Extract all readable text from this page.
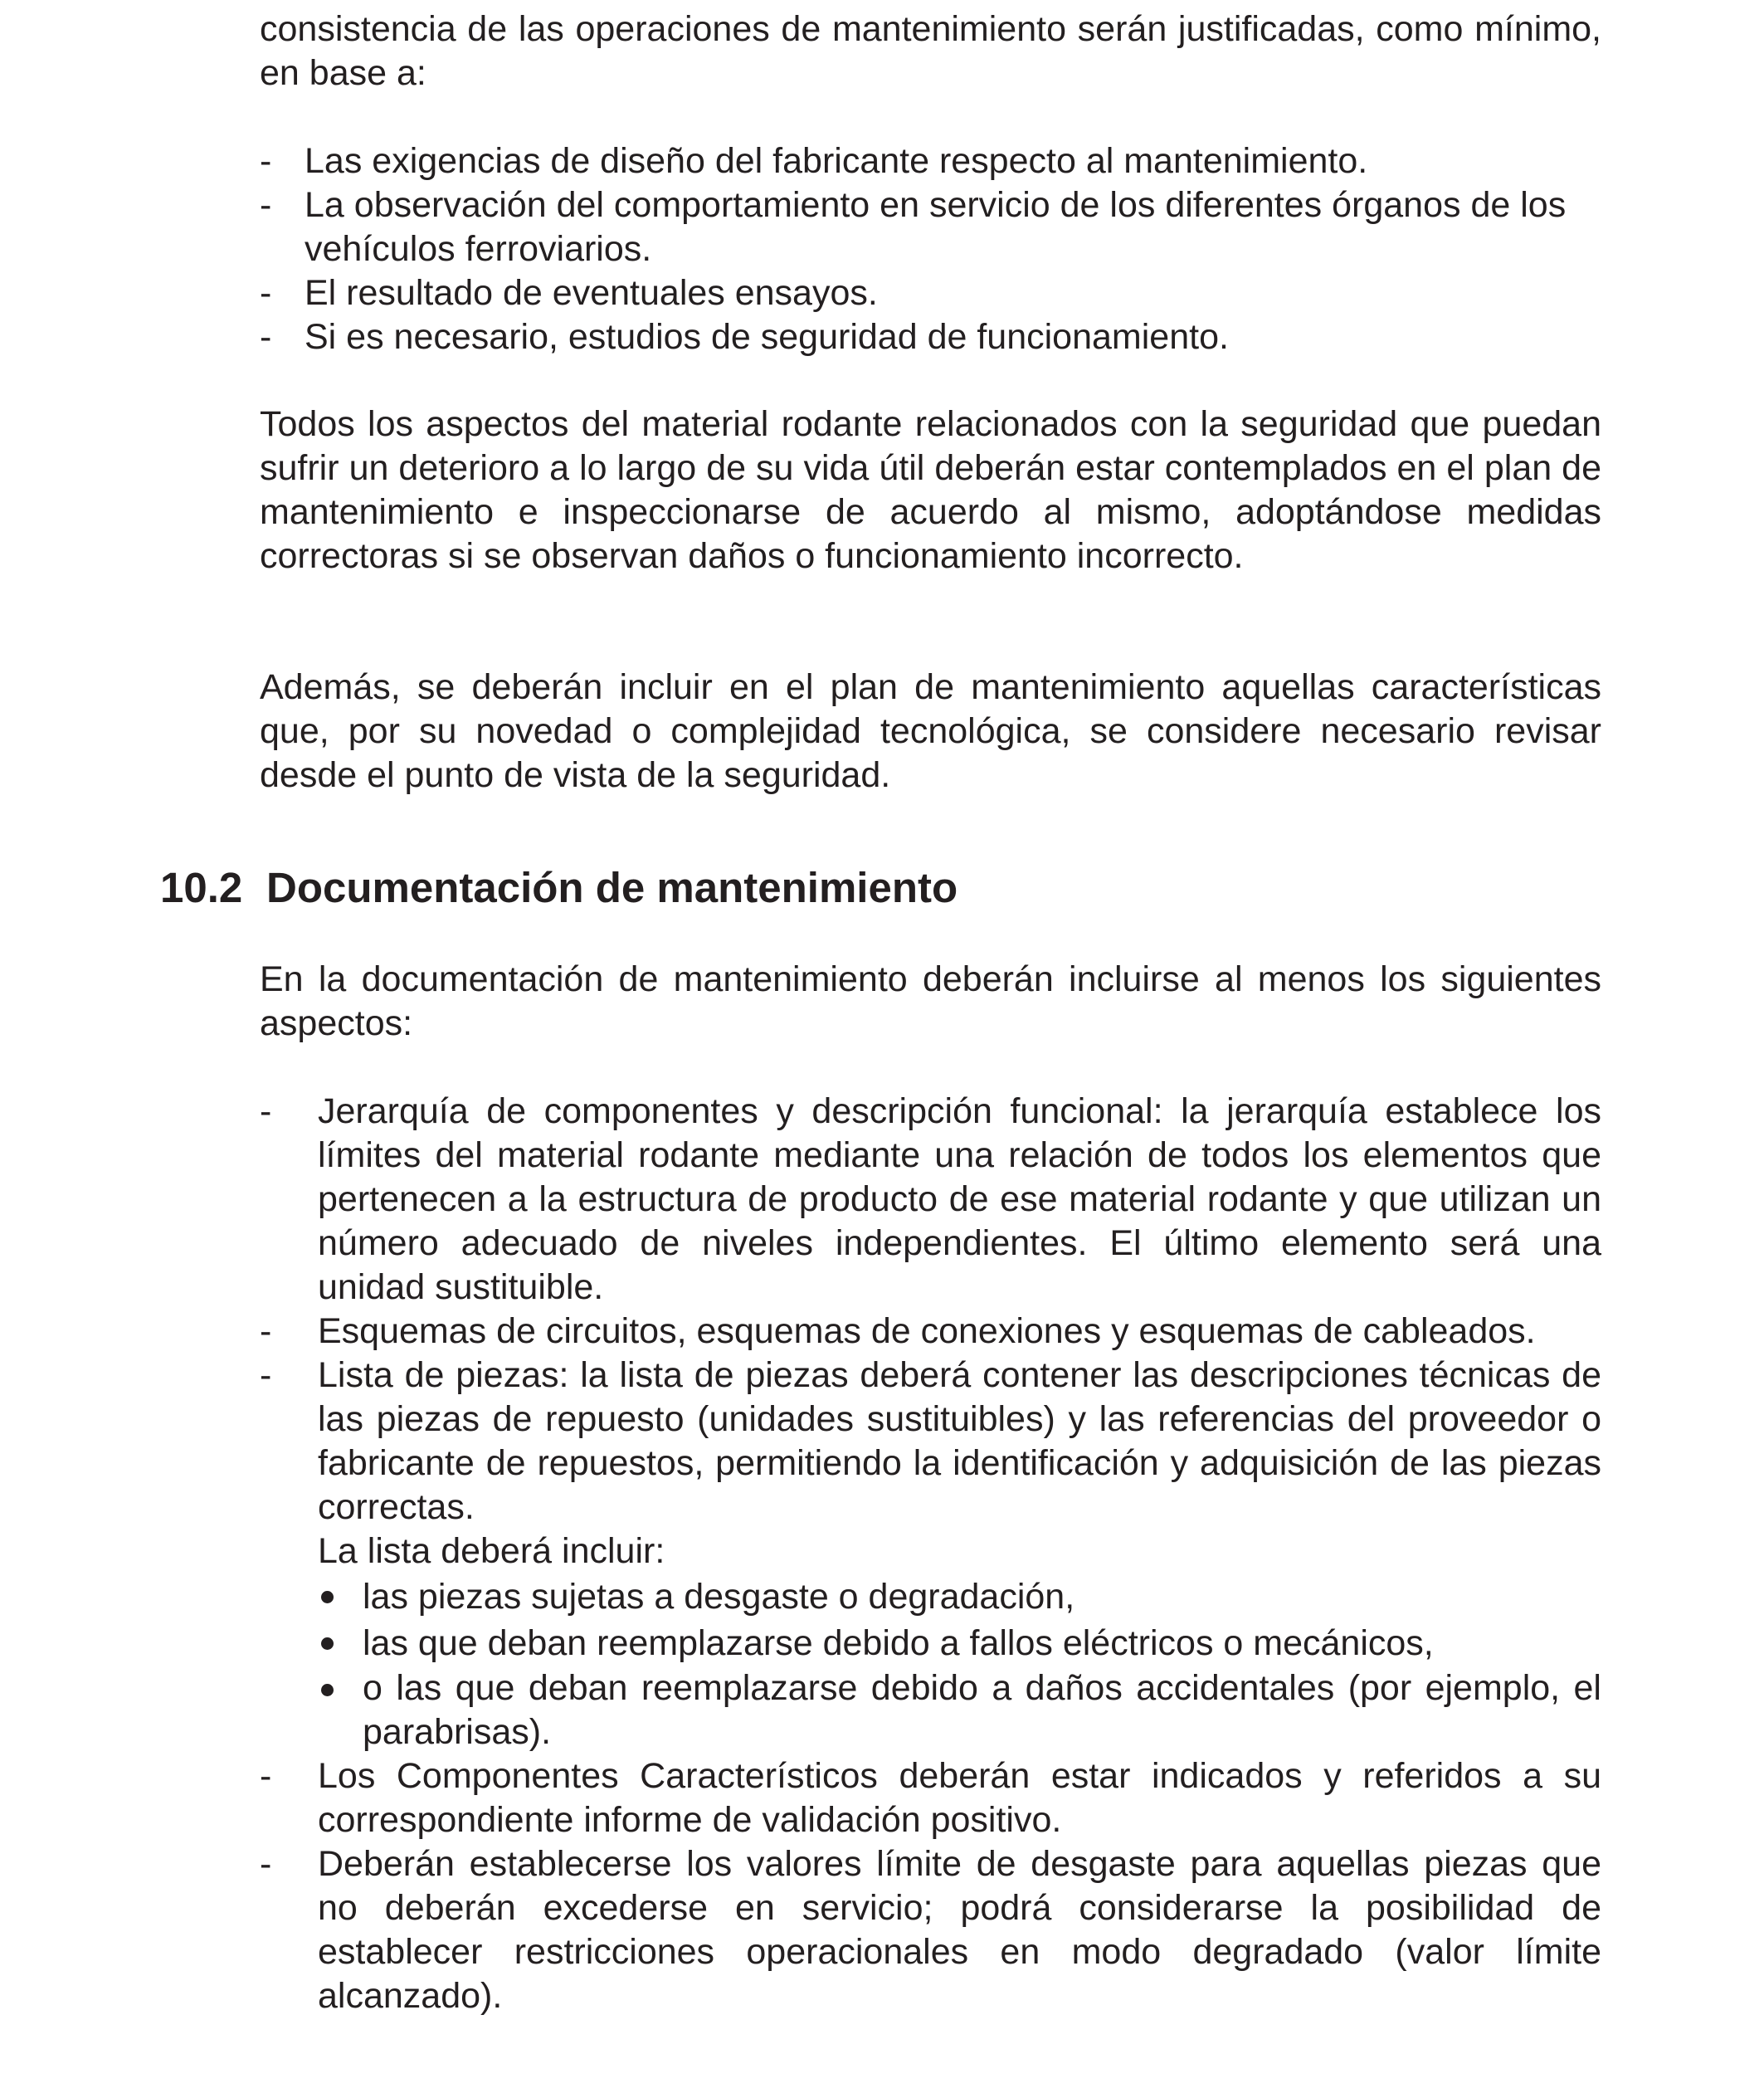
consistencia de las operaciones de mantenimiento serán justificadas, como mínimo, en base a:

- Las exigencias de diseño del fabricante respecto al mantenimiento.
- La observación del comportamiento en servicio de los diferentes órganos de los vehículos ferroviarios.
- El resultado de eventuales ensayos.
- Si es necesario, estudios de seguridad de funcionamiento.

Todos los aspectos del material rodante relacionados con la seguridad que puedan sufrir un deterioro a lo largo de su vida útil deberán estar contemplados en el plan de mantenimiento e inspeccionarse de acuerdo al mismo, adoptándose medidas correctoras si se observan daños o funcionamiento incorrecto.

Además, se deberán incluir en el plan de mantenimiento aquellas características que, por su novedad o complejidad tecnológica, se considere necesario revisar desde el punto de vista de la seguridad.

10.2 Documentación de mantenimiento

En la documentación de mantenimiento deberán incluirse al menos los siguientes aspectos:

- Jerarquía de componentes y descripción funcional: la jerarquía establece los límites del material rodante mediante una relación de todos los elementos que pertenecen a la estructura de producto de ese material rodante y que utilizan un número adecuado de niveles independientes. El último elemento será una unidad sustituible.
- Esquemas de circuitos, esquemas de conexiones y esquemas de cableados.
- Lista de piezas: la lista de piezas deberá contener las descripciones técnicas de las piezas de repuesto (unidades sustituibles) y las referencias del proveedor o fabricante de repuestos, permitiendo la identificación y adquisición de las piezas correctas.
La lista deberá incluir:
las piezas sujetas a desgaste o degradación,
las que deban reemplazarse debido a fallos eléctricos o mecánicos,
o las que deban reemplazarse debido a daños accidentales (por ejemplo, el parabrisas).
- Los Componentes Característicos deberán estar indicados y referidos a su correspondiente informe de validación positivo.
- Deberán establecerse los valores límite de desgaste para aquellas piezas que no deberán excederse en servicio; podrá considerarse la posibilidad de establecer restricciones operacionales en modo degradado (valor límite alcanzado).
